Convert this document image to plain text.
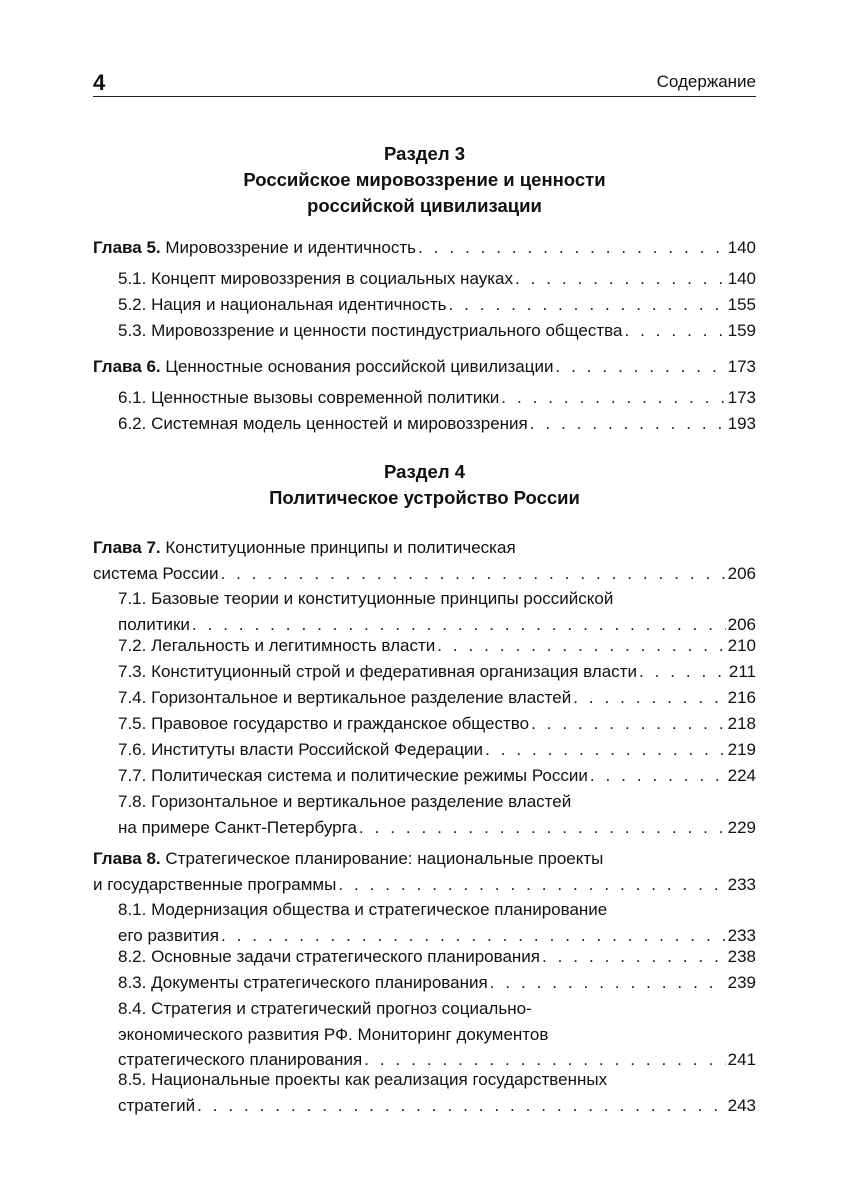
4	Содержание
Раздел 3
Российское мировоззрение и ценности
российской цивилизации
Глава 5. Мировоззрение и идентичность . . .	140
5.1. Концепт мировоззрения в социальных науках . . .	140
5.2. Нация и национальная идентичность . . .	155
5.3. Мировоззрение и ценности постиндустриального общества . . .	159
Глава 6. Ценностные основания российской цивилизации . . .	173
6.1. Ценностные вызовы современной политики . . .	173
6.2. Системная модель ценностей и мировоззрения . . .	193
Раздел 4
Политическое устройство России
Глава 7. Конституционные принципы и политическая
система России . . .	206
7.1. Базовые теории и конституционные принципы российской
политики . . .	206
7.2. Легальность и легитимность власти . . .	210
7.3. Конституционный строй и федеративная организация власти . . .	211
7.4. Горизонтальное и вертикальное разделение властей . . .	216
7.5. Правовое государство и гражданское общество . . .	218
7.6. Институты власти Российской Федерации . . .	219
7.7. Политическая система и политические режимы России . . .	224
7.8. Горизонтальное и вертикальное разделение властей
на примере Санкт-Петербурга . . .	229
Глава 8. Стратегическое планирование: национальные проекты
и государственные программы . . .	233
8.1. Модернизация общества и стратегическое планирование
его развития . . .	233
8.2. Основные задачи стратегического планирования . . .	238
8.3. Документы стратегического планирования . . .	239
8.4. Стратегия и стратегический прогноз социально-
экономического развития РФ. Мониторинг документов
стратегического планирования . . .	241
8.5. Национальные проекты как реализация государственных
стратегий . . .	243
